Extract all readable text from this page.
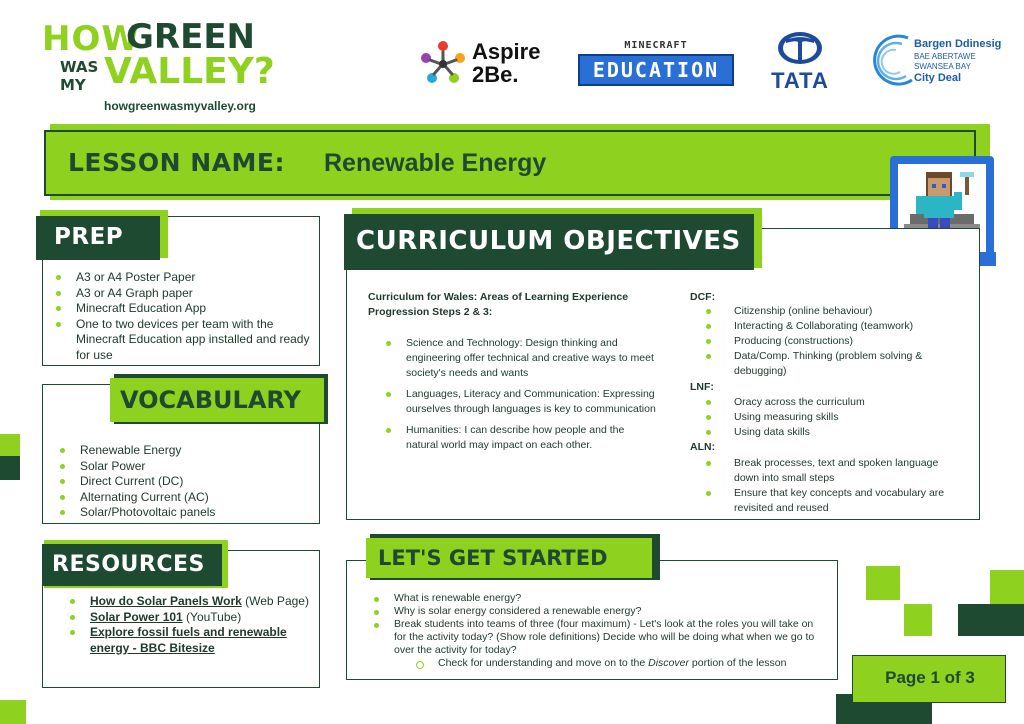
HOW
GREEN
WAS
MY VALLEY?
howgreenwasmyvalley.org
Aspire
2Be.
MINECRAFT
EDUCATION	TATA
Bargen Ddinesig
BAE ABERTAWE
SWANSEA BAY
City Deal
LESSON NAME: Renewable Energy
PREP
A3 or A4 Poster Paper
A3 or A4 Graph paper
Minecraft Education App
One to two devices per team with the Minecraft Education app installed and ready for use
VOCABULARY
Renewable Energy
Solar Power
Direct Current (DC)
Alternating Current (AC)
Solar/Photovoltaic panels
RESOURCES
How do Solar Panels Work (Web Page)
Solar Power 101 (YouTube)
Explore fossil fuels and renewable energy - BBC Bitesize
CURRICULUM OBJECTIVES
Curriculum for Wales: Areas of Learning Experience Progression Steps 2 & 3:
Science and Technology: Design thinking and engineering offer technical and creative ways to meet society's needs and wants
Languages, Literacy and Communication: Expressing ourselves through languages is key to communication
Humanities: I can describe how people and the natural world may impact on each other.
DCF:
Citizenship (online behaviour)
Interacting & Collaborating (teamwork)
Producing (constructions)
Data/Comp. Thinking (problem solving & debugging)
LNF:
Oracy across the curriculum
Using measuring skills
Using data skills
ALN:
Break processes, text and spoken language down into small steps
Ensure that key concepts and vocabulary are revisited and reused
LET'S GET STARTED
What is renewable energy?
Why is solar energy considered a renewable energy?
Break students into teams of three (four maximum) - Let's look at the roles you will take on for the activity today? (Show role definitions) Decide who will be doing what when we go to over the activity for today?
Check for understanding and move on to the Discover portion of the lesson
Page 1 of 3
